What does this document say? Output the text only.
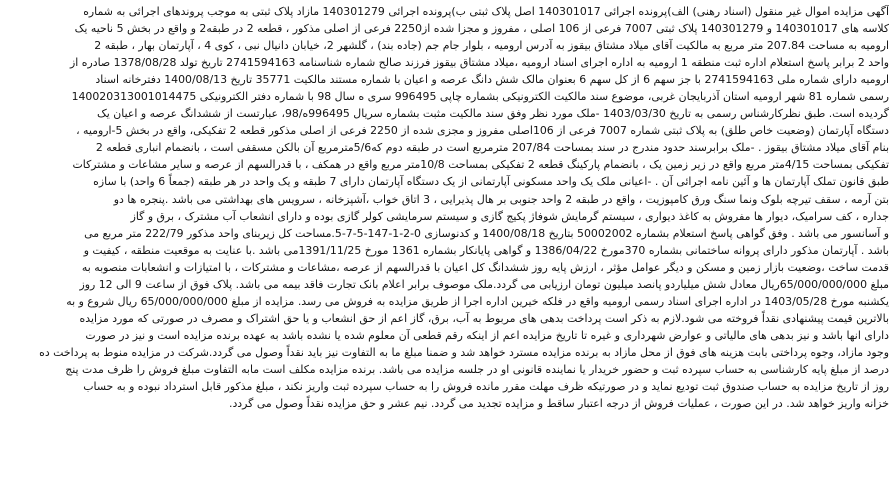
آگهی مزایده اموال غیر منقول (اسناد رهنی) الف)پرونده اجرائی 140301017 اصل پلاک ثبتی ب)پرونده اجرائی 140301279 مازاد پلاک ثبتی به موجب پروندهای اجرائی به شماره
کلاسه های 140301017 و 140301279 پلاک ثبتی 7007 فرعی از 106 اصلی ، مفروز و مجزا شده از2250 فرعی از اصلی مذکور ، قطعه 2 در طبقه2 و واقع در بخش 5 ناحیه یک
ارومیه به مساحت 207.84 متر مربع به مالکیت آقای میلاد مشتاق بیقوز به آدرس ارومیه ، بلوار جام جم (جاده بند) ، گلشهر 2، خیابان دانیال نبی ، کوی 4 ، آپارتمان بهار ، طبقه 2
واحد 2 برابر پاسخ استعلام اداره ثبت منطقه 1 ارومیه به اداره اجرای اسناد ارومیه ،میلاد مشتاق بیقوز فرزند صالح شماره شناسنامه 2741594163 تاریخ تولد 1378/08/28 صادره از
ارومیه دارای شماره ملی 2741594163 با جز سهم 6 از کل سهم 6 بعنوان مالک شش دانگ عرصه و اعیان با شماره مستند مالکیت 35771 تاریخ 1400/08/13 دفترخانه اسناد
رسمی شماره 81 شهر ارومیه استان آذربایجان غربی، موضوع سند مالکیت الکترونیکی بشماره چاپی 996495 سری ه سال 98 با شماره دفتر الکترونیکی 140020313001014475
گردیده است. طبق نظرکارشناس رسمی به تاریخ 1403/03/30 -ملک مورد نظر وفق سند مالکیت مثبت بشماره سریال 996495ه/98، عبارتست از ششدانگ عرصه و اعیان یک
دستگاه آپارتمان (وضعیت خاص طلق) به پلاک ثبتی شماره 7007 فرعی از 106اصلی مفروز و مجزی شده از 2250 فرعی از اصلی مذکور قطعه 2 تفکیکی، واقع در بخش 5-ارومیه ،
بنام آقای میلاد مشتاق بیقوز . -ملک برابرسند حدود مندرج در سند بمساحت 207/84 مترمربع است در طبقه دوم که5/6مترمربع آن بالکن مسقفی است ، بانضمام انباری قطعه 2
تفکیکی بمساحت 4/15متر مربع واقع در زیر زمین یک ، بانضمام پارکینگ قطعه 2 تفکیکی بمساحت 10/8متر مربع واقع در همکف ، با قدرالسهم از عرصه و سایر مشاعات و مشترکات
طبق قانون تملک آپارتمان ها و آئین نامه اجرائی آن . -اعیانی ملک یک واحد مسکونی آپارتمانی از یک دستگاه آپارتمان دارای 7 طبقه و یک واحد در هر طبقه (جمعاً 6 واحد) با سازه
بتن آرمه ، سقف تیرچه بلوک ونما سنگ ورق کامپوزیت ، واقع در طبقه 2 واحد جنوبی بر هال پذیرایی ، 3 اتاق خواب ،آشپزخانه ، سرویس های بهداشتی می باشد .پنجره ها دو
جداره ، کف سرامیک، دیوار ها مفروش به کاغذ دیواری ، سیستم گرمایش شوفاژ پکیج گازی و سیستم سرمایشی کولر گازی بوده و دارای انشعاب آب مشترک ، برق و گاز
و آسانسور می باشد . وفق گواهی پاسخ استعلام بشماره 50002002 بتاریخ 1400/08/18 و کدنوسازی 0-2-1-147-5-7-5.مساحت کل زیربنای واحد مذکور 222/79 متر مربع می
باشد . آپارتمان مذکور دارای پروانه ساختمانی بشماره 370مورخ 1386/04/22 و گواهی پایانکار بشماره 1361 مورخ 1391/11/25می باشد .با عنایت به موقعیت منطقه ، کیفیت و
قدمت ساخت ،وضعیت بازار زمین و مسکن و دیگر عوامل مؤثر ، ارزش پایه روز ششدانگ کل اعیان با قدرالسهم از عرصه ،مشاعات و مشترکات ، با امتیازات و انشعابات منصوبه به
مبلغ 65/000/000/000ریال معادل شش میلیاردو پانصد میلیون تومان ارزیابی می گردد.ملک موصوف برابر اعلام بانک تجارت فاقد بیمه می باشد. پلاک فوق از ساعت 9 الی 12 روز
یکشنبه مورخ 1403/05/28 در اداره اجرای اسناد رسمی ارومیه واقع در فلکه خیرین اداره اجرا از طریق مزایده به فروش می رسد. مزایده از مبلغ 65/000/000/000 ریال شروع و به
بالاترین قیمت پیشنهادی نقداً فروخته می شود.لازم به ذکر است پرداخت بدهی های مربوط به آب، برق، گاز اعم از حق انشعاب و یا حق اشتراک و مصرف در صورتی که مورد مزایده
دارای انها باشد و نیز بدهی های مالیاتی و عوارض شهرداری و غیره تا تاریخ مزایده اعم از اینکه رقم قطعی آن معلوم شده یا نشده باشد به عهده برنده مزایده است و نیز در صورت
وجود مازاد، وجوه پرداختی بابت هزینه های فوق از محل مازاد به برنده مزایده مسترد خواهد شد و ضمنا مبلغ ما به التفاوت نیز باید نقداً وصول می گردد.شرکت در مزایده منوط به پرداخت ده
درصد از مبلغ پایه کارشناسی به حساب سپرده ثبت و حضور خریدار یا نماینده قانونی او در جلسه مزایده می باشد. برنده مزایده مکلف است مابه التفاوت مبلغ فروش را ظرف مدت پنج
روز از تاریخ مزایده به حساب صندوق ثبت تودیع نماید و در صورتیکه ظرف مهلت مقرر مانده فروش را به حساب سپرده ثبت واریز نکند ، مبلغ مذکور قابل استرداد نبوده و به حساب
خزانه واریز خواهد شد. در این صورت ، عملیات فروش از درجه اعتبار ساقط و مزایده تجدید می گردد. نیم عشر و حق مزایده نقداً وصول می گردد.
